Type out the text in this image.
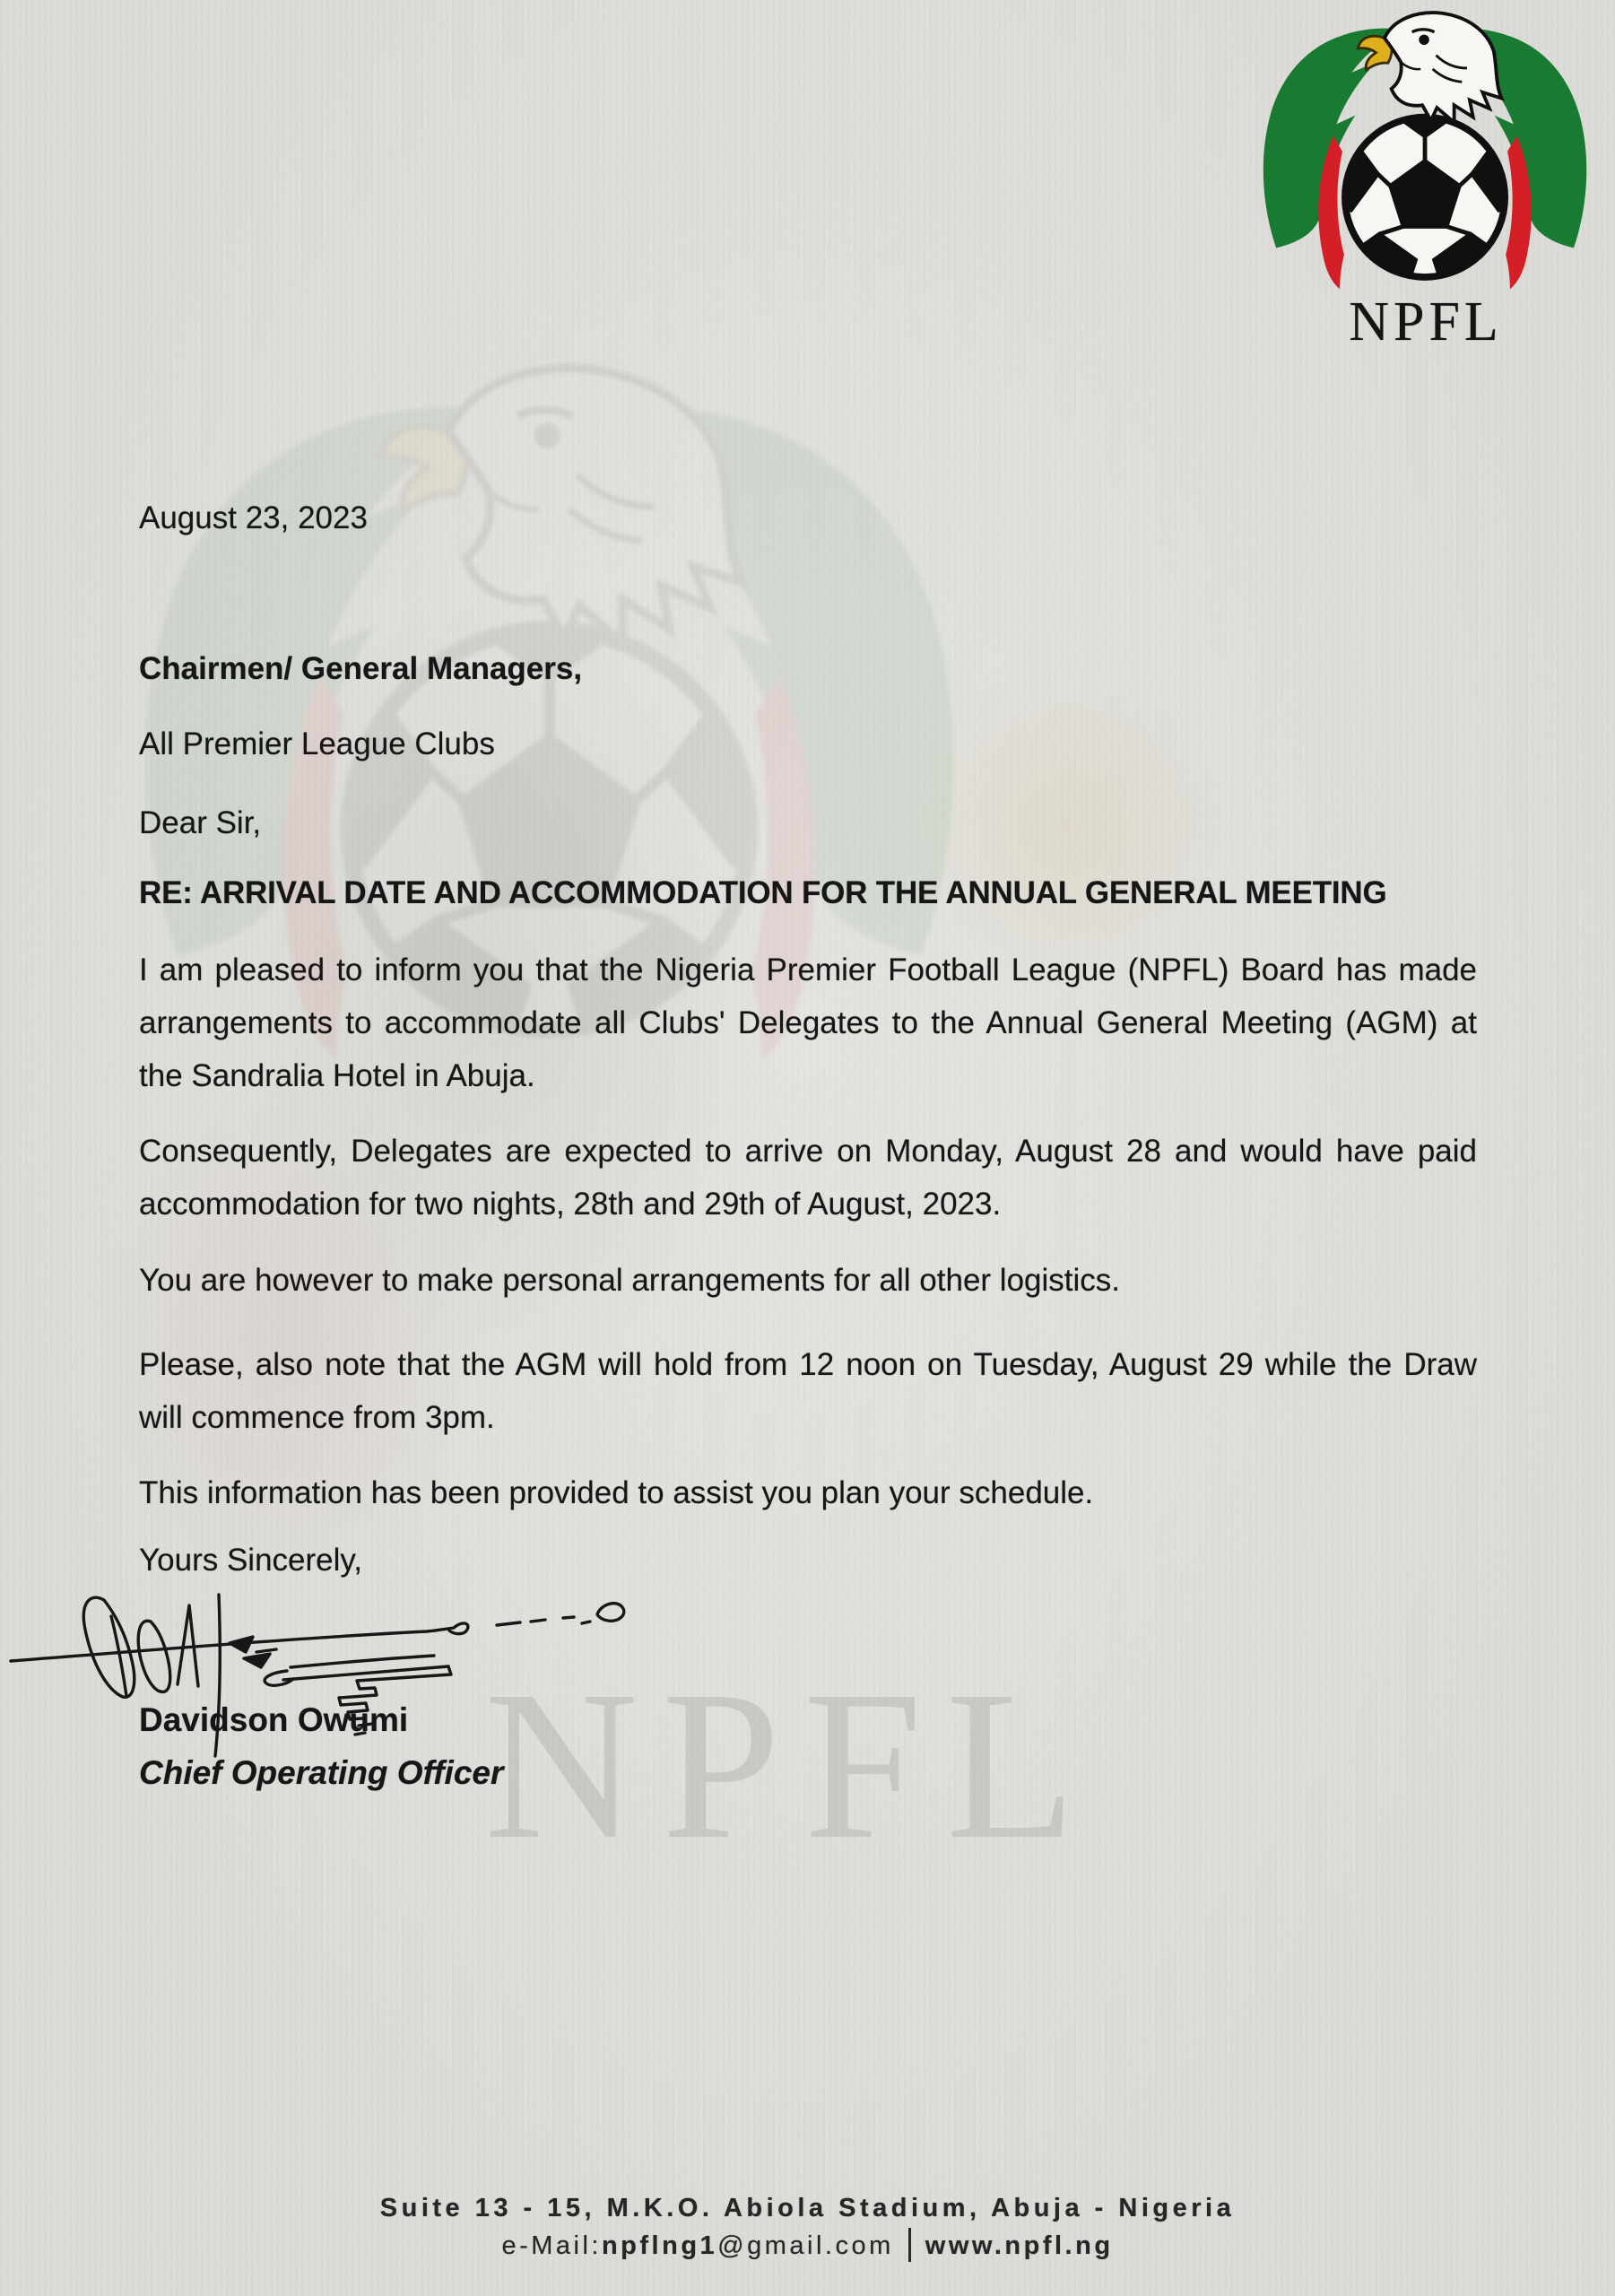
NPFL
NPFL
August 23, 2023
Chairmen/ General Managers,
All Premier League Clubs
Dear Sir,
RE: ARRIVAL DATE AND ACCOMMODATION FOR THE ANNUAL GENERAL MEETING
I am pleased to inform you that the Nigeria Premier Football League (NPFL) Board has made arrangements to accommodate all Clubs' Delegates to the Annual General Meeting (AGM) at the Sandralia Hotel in Abuja.
Consequently, Delegates are expected to arrive on Monday, August 28 and would have paid accommodation for two nights, 28th and 29th of August, 2023.
You are however to make personal arrangements for all other logistics.
Please, also note that the AGM will hold from 12 noon on Tuesday, August 29 while the Draw will commence from 3pm.
This information has been provided to assist you plan your schedule.
Yours Sincerely,
Davidson Owumi
Chief Operating Officer
Suite 13 - 15, M.K.O. Abiola Stadium, Abuja - Nigeria
e-Mail:npflng1@gmail.com www.npfl.ng
